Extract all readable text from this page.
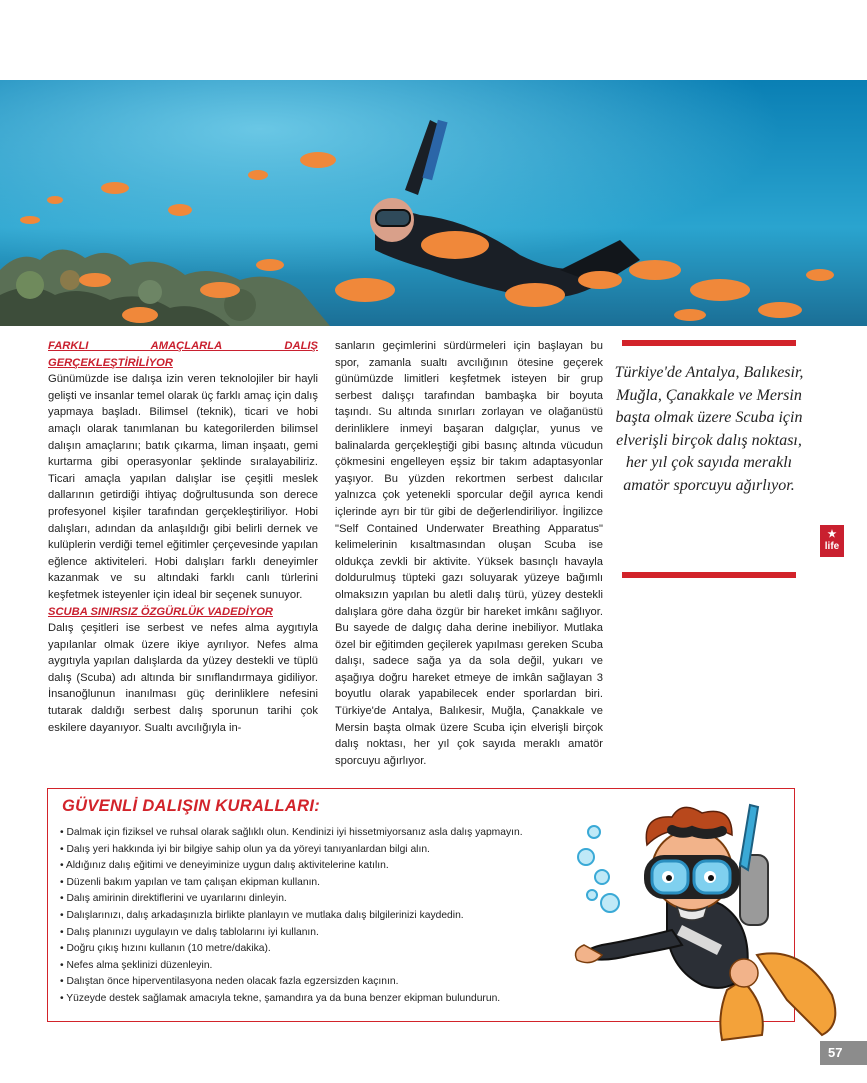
FARKLI AMAÇLARLA DALIŞ GERÇEKLEŞTİRİLİYOR

Günümüzde ise dalışa izin veren teknolojiler bir hayli gelişti ve insanlar temel olarak üç farklı amaç için dalış yapmaya başladı. Bilimsel (teknik), ticari ve hobi amaçlı olarak tanımlanan bu kategorilerden bilimsel dalışın amaçlarını; batık çıkarma, liman inşaatı, gemi kurtarma gibi operasyonlar şeklinde sıralayabiliriz. Ticari amaçla yapılan dalışlar ise çeşitli meslek dallarının getirdiği ihtiyaç doğrultusunda son derece profesyonel kişiler tarafından gerçekleştiriliyor. Hobi dalışları, adından da anlaşıldığı gibi belirli dernek ve kulüplerin verdiği temel eğitimler çerçevesinde yapılan eğlence aktiviteleri. Hobi dalışları farklı deneyimler kazanmak ve su altındaki farklı canlı türlerini keşfetmek isteyenler için ideal bir seçenek sunuyor.

SCUBA SINIRSIZ ÖZGÜRLÜK VADEDİYOR

Dalış çeşitleri ise serbest ve nefes alma aygıtıyla yapılanlar olmak üzere ikiye ayrılıyor. Nefes alma aygıtıyla yapılan dalışlarda da yüzey destekli ve tüplü dalış (Scuba) adı altında bir sınıflandırmaya gidiliyor. İnsanoğlunun inanılması güç derinliklere nefesini tutarak daldığı serbest dalış sporunun tarihi çok eskilere dayanıyor. Sualtı avcılığıyla in-

sanların geçimlerini sürdürmeleri için başlayan bu spor, zamanla sualtı avcılığının ötesine geçerek günümüzde limitleri keşfetmek isteyen bir grup serbest dalışçı tarafından bambaşka bir boyuta taşındı. Su altında sınırları zorlayan ve olağanüstü derinliklere inmeyi başaran dalgıçlar, yunus ve balinalarda gerçekleştiği gibi basınç altında vücudun çökmesini engelleyen eşsiz bir takım adaptasyonlar yaşıyor. Bu yüzden rekortmen serbest dalıcılar yalnızca çok yetenekli sporcular değil ayrıca kendi içlerinde ayrı bir tür gibi de değerlendiriliyor. İngilizce "Self Contained Underwater Breathing Apparatus" kelimelerinin kısaltmasından oluşan Scuba ise oldukça zevkli bir aktivite. Yüksek basınçlı havayla doldurulmuş tüpteki gazı soluyarak yüzeye bağımlı olmaksızın yapılan bu aletli dalış türü, yüzey destekli dalışlara göre daha özgür bir hareket imkânı sağlıyor. Bu sayede de dalgıç daha derine inebiliyor. Mutlaka özel bir eğitimden geçilerek yapılması gereken Scuba dalışı, sadece sağa ya da sola değil, yukarı ve aşağıya doğru hareket etmeye de imkân sağlayan 3 boyutlu olarak yapabilecek ender sporlardan biri. Türkiye'de Antalya, Balıkesir, Muğla, Çanakkale ve Mersin başta olmak üzere Scuba için elverişli birçok dalış noktası, her yıl çok sayıda meraklı amatör sporcuyu ağırlıyor.

Türkiye'de Antalya, Balıkesir, Muğla, Çanakkale ve Mersin başta olmak üzere Scuba için elverişli birçok dalış noktası, her yıl çok sayıda meraklı amatör sporcuyu ağırlıyor.
★
life
GÜVENLİ DALIŞIN KURALLARI:
• Dalmak için fiziksel ve ruhsal olarak sağlıklı olun. Kendinizi iyi hissetmiyorsanız asla dalış yapmayın.
• Dalış yeri hakkında iyi bir bilgiye sahip olun ya da yöreyi tanıyanlardan bilgi alın.
• Aldığınız dalış eğitimi ve deneyiminize uygun dalış aktivitelerine katılın.
• Düzenli bakım yapılan ve tam çalışan ekipman kullanın.
• Dalış amirinin direktiflerini ve uyarılarını dinleyin.
• Dalışlarınızı, dalış arkadaşınızla birlikte planlayın ve mutlaka dalış bilgilerinizi kaydedin.
• Dalış planınızı uygulayın ve dalış tablolarını iyi kullanın.
• Doğru çıkış hızını kullanın (10 metre/dakika).
• Nefes alma şeklinizi düzenleyin.
• Dalıştan önce hiperventilasyona neden olacak fazla egzersizden kaçının.
• Yüzeyde destek sağlamak amacıyla tekne, şamandıra ya da buna benzer ekipman bulundurun.
57
